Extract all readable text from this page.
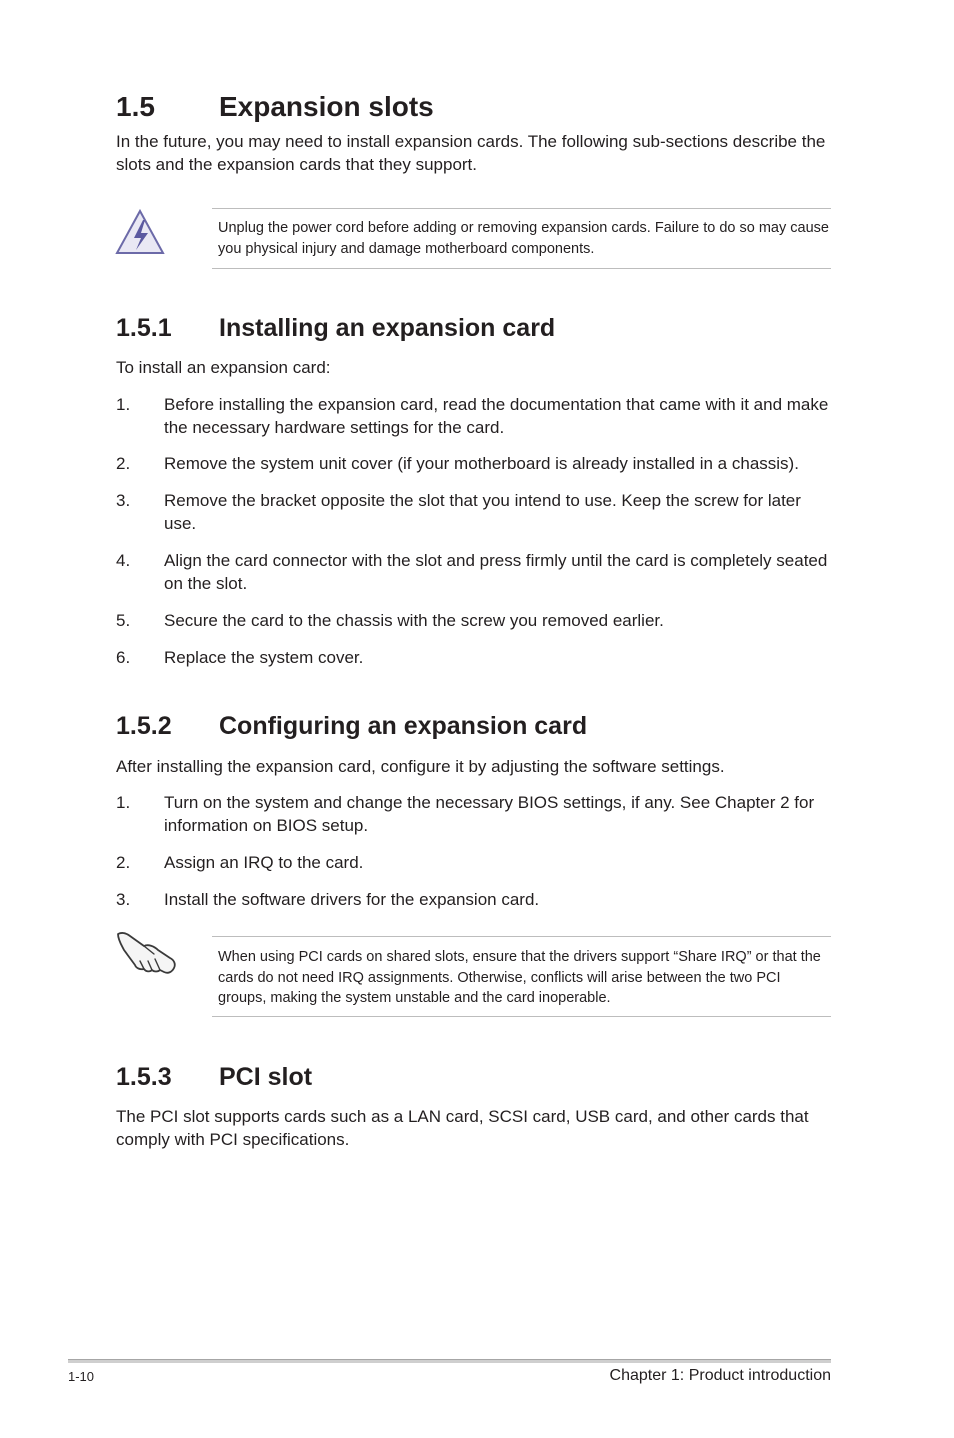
1.5	Expansion slots

In the future, you may need to install expansion cards. The following sub-sections describe the slots and the expansion cards that they support.

Unplug the power cord before adding or removing expansion cards. Failure to do so may cause you physical injury and damage motherboard components.

1.5.1	Installing an expansion card

To install an expansion card:

1.	Before installing the expansion card, read the documentation that came with it and make the necessary hardware settings for the card.
2.	Remove the system unit cover (if your motherboard is already installed in a chassis).
3.	Remove the bracket opposite the slot that you intend to use. Keep the screw for later use.
4.	Align the card connector with the slot and press firmly until the card is completely seated on the slot.
5.	Secure the card to the chassis with the screw you removed earlier.
6.	Replace the system cover.
1.5.2	Configuring an expansion card

After installing the expansion card, configure it by adjusting the software settings.

1.	Turn on the system and change the necessary BIOS settings, if any. See Chapter 2 for information on BIOS setup.
2.	Assign an IRQ to the card.
3.	Install the software drivers for the expansion card.

When using PCI cards on shared slots, ensure that the drivers support “Share IRQ” or that the cards do not need IRQ assignments. Otherwise, conflicts will arise between the two PCI groups, making the system unstable and the card inoperable.

1.5.3	PCI slot

The PCI slot supports cards such as a LAN card, SCSI card, USB card, and other cards that comply with PCI specifications.

1-10	Chapter 1: Product introduction
